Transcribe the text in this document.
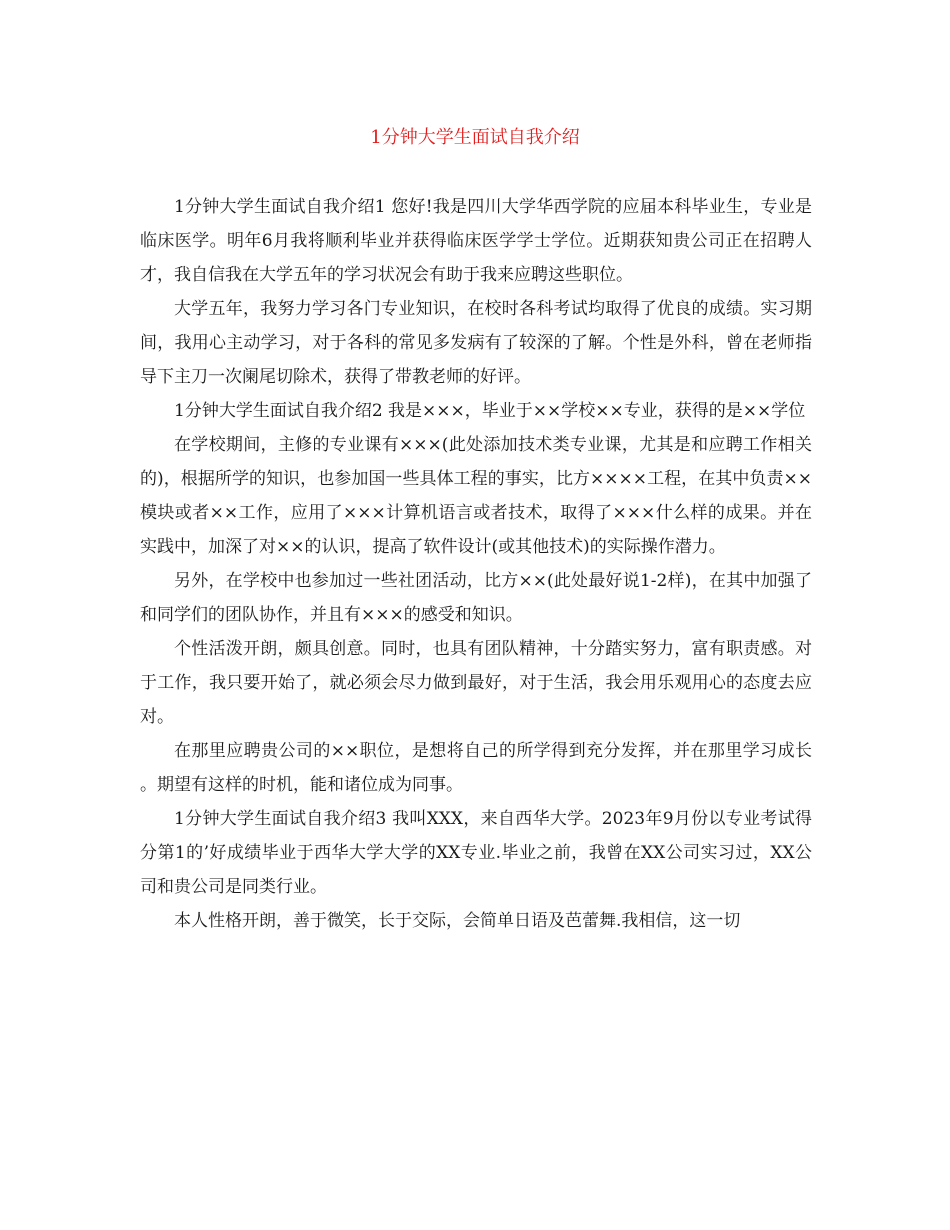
1分钟大学生面试自我介绍

1分钟大学生面试自我介绍1 您好!我是四川大学华西学院的应届本科毕业生，专业是临床医学。明年6月我将顺利毕业并获得临床医学学士学位。近期获知贵公司正在招聘人才，我自信我在大学五年的学习状况会有助于我来应聘这些职位。

大学五年，我努力学习各门专业知识，在校时各科考试均取得了优良的成绩。实习期间，我用心主动学习，对于各科的常见多发病有了较深的了解。个性是外科，曾在老师指导下主刀一次阑尾切除术，获得了带教老师的好评。

1分钟大学生面试自我介绍2 我是×××，毕业于××学校××专业，获得的是××学位

在学校期间，主修的专业课有×××(此处添加技术类专业课，尤其是和应聘工作相关的)，根据所学的知识，也参加国一些具体工程的事实，比方××××工程，在其中负责××模块或者××工作，应用了×××计算机语言或者技术，取得了×××什么样的成果。并在实践中，加深了对××的认识，提高了软件设计(或其他技术)的实际操作潜力。

另外，在学校中也参加过一些社团活动，比方××(此处最好说1-2样)，在其中加强了和同学们的团队协作，并且有×××的感受和知识。

个性活泼开朗，颇具创意。同时，也具有团队精神，十分踏实努力，富有职责感。对于工作，我只要开始了，就必须会尽力做到最好，对于生活，我会用乐观用心的态度去应对。

在那里应聘贵公司的××职位，是想将自己的所学得到充分发挥，并在那里学习成长。期望有这样的时机，能和诸位成为同事。

1分钟大学生面试自我介绍3 我叫XXX，来自西华大学。2023年9月份以专业考试得分第1的’好成绩毕业于西华大学大学的XX专业.毕业之前，我曾在XX公司实习过，XX公司和贵公司是同类行业。

本人性格开朗，善于微笑，长于交际，会简单日语及芭蕾舞.我相信，这一切
